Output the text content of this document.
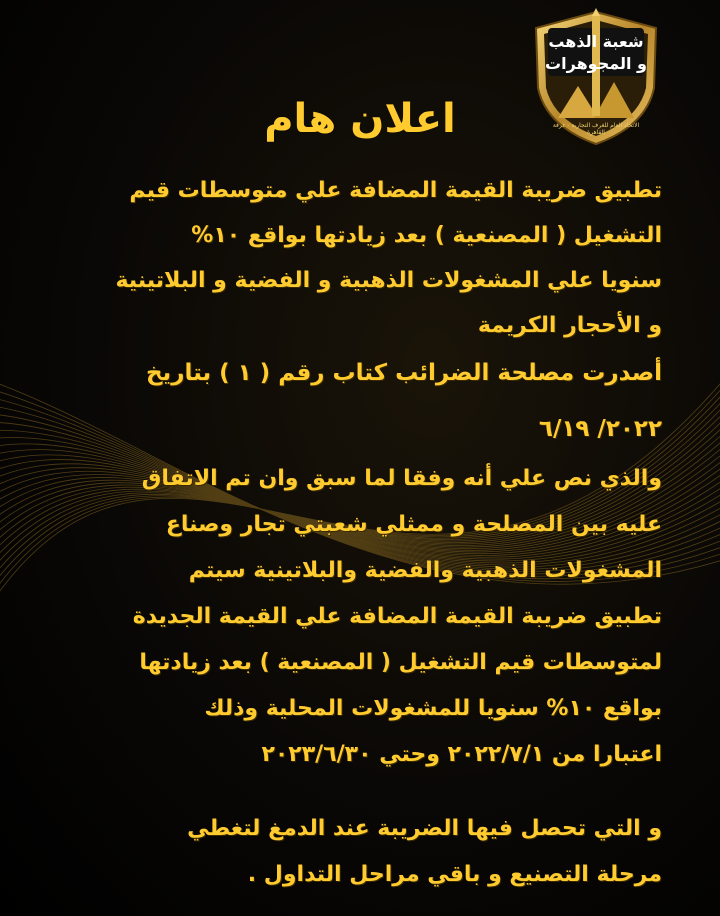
شعبة الذهب
و المجوهرات
الاتحاد العام للغرف التجارية - غرفة القاهرة
اعلان هام
تطبيق ضريبة القيمة المضافة علي متوسطات قيم
التشغيل ( المصنعية ) بعد زيادتها بواقع ١٠%
سنويا علي المشغولات الذهبية و الفضية و البلاتينية
و الأحجار الكريمة
أصدرت مصلحة الضرائب كتاب رقم ( ١ ) بتاريخ
٢٠٢٢/ ٦/١٩
والذي نص علي أنه وفقا لما سبق وان تم الاتفاق
عليه بين المصلحة و ممثلي شعبتي تجار وصناع
المشغولات الذهبية والفضية والبلاتينية سيتم
تطبيق ضريبة القيمة المضافة علي القيمة الجديدة
لمتوسطات قيم التشغيل ( المصنعية ) بعد زيادتها
بواقع ١٠% سنويا للمشغولات المحلية وذلك
اعتبارا من ٢٠٢٢/٧/١ وحتي ٢٠٢٣/٦/٣٠
و التي تحصل فيها الضريبة عند الدمغ لتغطي
مرحلة التصنيع و باقي مراحل التداول .
